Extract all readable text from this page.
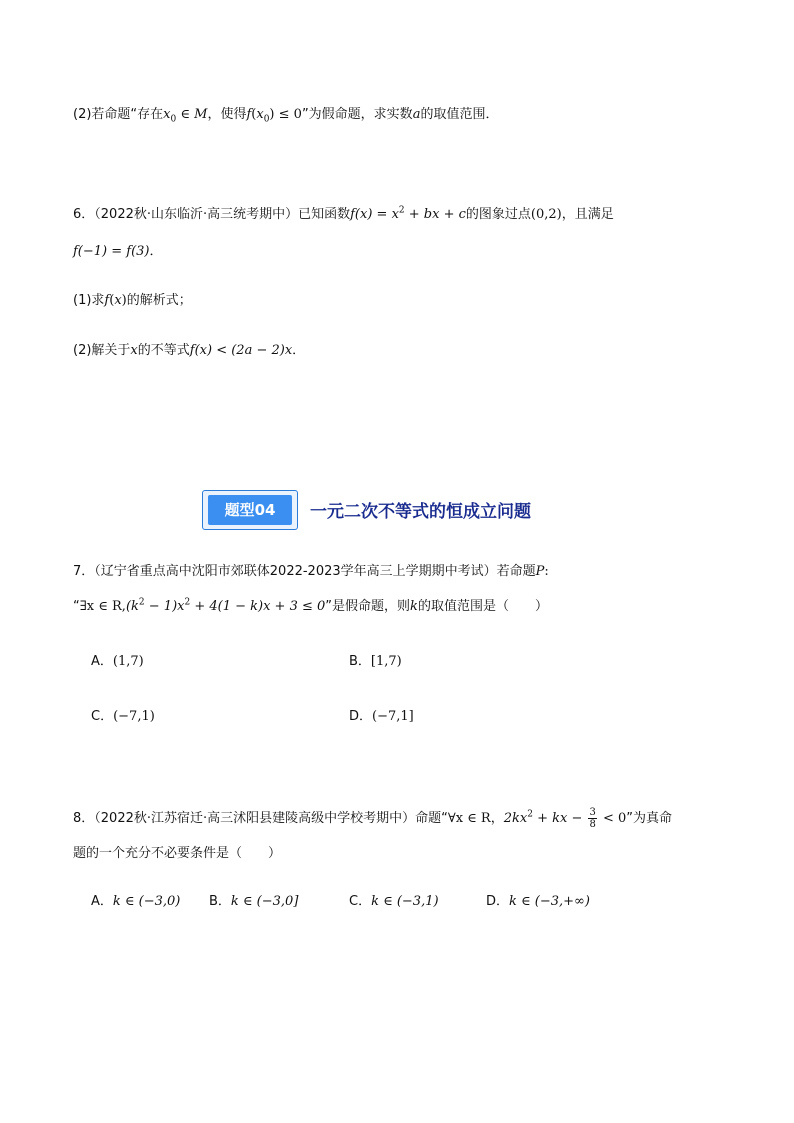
(2)若命题“存在$x_0$ ∈ M，使得$f(x_0) \le 0$”为假命题，求实数a的取值范围．
6．（2022秋·山东临沂·高三统考期中）已知函数$f(x) = x^2$ + bx + c的图象过点(0,2)，且满足
f(−1) = f(3)．
(1)求f(x)的解析式；
(2)解关于x的不等式f(x) < (2a − 2)x．
题型04	一元二次不等式的恒成立问题
7．（辽宁省重点高中沈阳市郊联体2022-2023学年高三上学期期中考试）若命题P:
“∃x ∈ $R,(k^2 - 1)x^2 + 4(1 - k)x + 3 \le 0$”是假命题，则k的取值范围是（　　）
A．(1,7)	B．[1,7)
C．(−7,1)	D．(−7,1]
8．（2022秋·江苏宿迁·高三沭阳县建陵高级中学校考期中）命题“∀x ∈ R，$2kx^2$ + kx − $\frac{3}{8} < 0$”为真命
题的一个充分不必要条件是（　　）
A．k ∈ (−3,0) B．k ∈ (−3,0]	C．k ∈ (−3,1)	D．k ∈ (−3,+∞)
